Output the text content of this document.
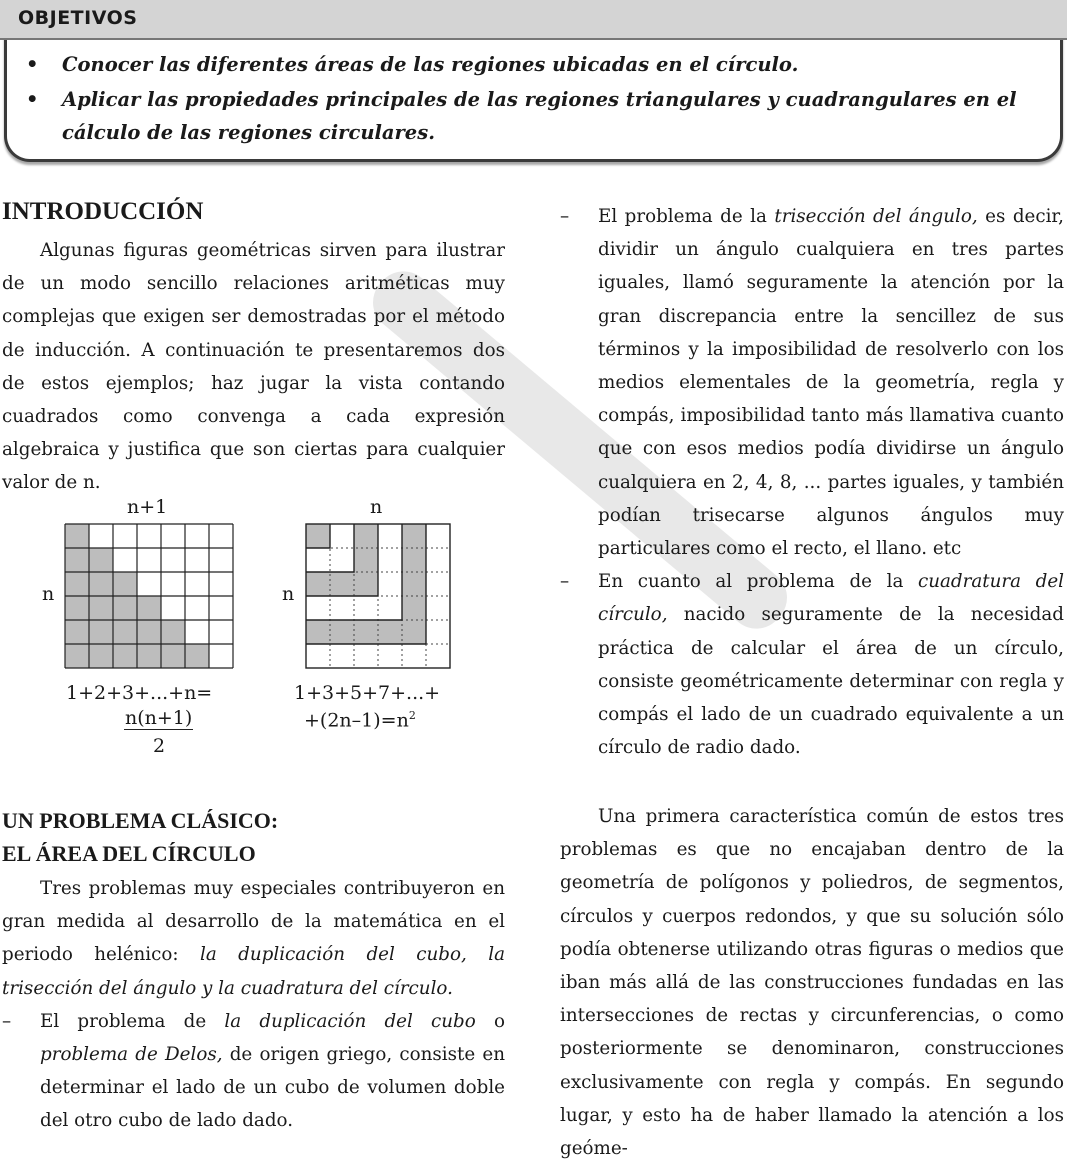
OBJETIVOS
• Conocer las diferentes áreas de las regiones ubicadas en el círculo.
• Aplicar las propiedades principales de las regiones triangulares y cuadrangulares en el cálculo de las regiones circulares.
INTRODUCCIÓN

Algunas figuras geométricas sirven para ilustrar de un modo sencillo relaciones aritméticas muy complejas que exigen ser demostradas por el método de inducción. A continuación te presentaremos dos de estos ejemplos; haz jugar la vista contando cuadrados como convenga a cada expresión algebraica y justifica que son ciertas para cualquier valor de n.

n+1
n
1+2+3+...+n=
n(n+1)
2
n
n
1+3+5+7+...+
$+(2n-1)=n^2$
UN PROBLEMA CLÁSICO:
EL ÁREA DEL CÍRCULO

Tres problemas muy especiales contribuyeron en gran medida al desarrollo de la matemática en el periodo helénico: la duplicación del cubo, la trisección del ángulo y la cuadratura del círculo.

– El problema de la duplicación del cubo o problema de Delos, de origen griego, consiste en determinar el lado de un cubo de volumen doble del otro cubo de lado dado.

– El problema de la trisección del ángulo, es decir, dividir un ángulo cualquiera en tres partes iguales, llamó seguramente la atención por la gran discrepancia entre la sencillez de sus términos y la imposibilidad de resolverlo con los medios elementales de la geometría, regla y compás, imposibilidad tanto más llamativa cuanto que con esos medios podía dividirse un ángulo cualquiera en 2, 4, 8, ... partes iguales, y también podían trisecarse algunos ángulos muy particulares como el recto, el llano. etc

– En cuanto al problema de la cuadratura del círculo, nacido seguramente de la necesidad práctica de calcular el área de un círculo, consiste geométricamente determinar con regla y compás el lado de un cuadrado equivalente a un círculo de radio dado.

Una primera característica común de estos tres problemas es que no encajaban dentro de la geometría de polígonos y poliedros, de segmentos, círculos y cuerpos redondos, y que su solución sólo podía obtenerse utilizando otras figuras o medios que iban más allá de las construcciones fundadas en las intersecciones de rectas y circunferencias, o como posteriormente se denominaron, construcciones exclusivamente con regla y compás. En segundo lugar, y esto ha de haber llamado la atención a los geóme-
